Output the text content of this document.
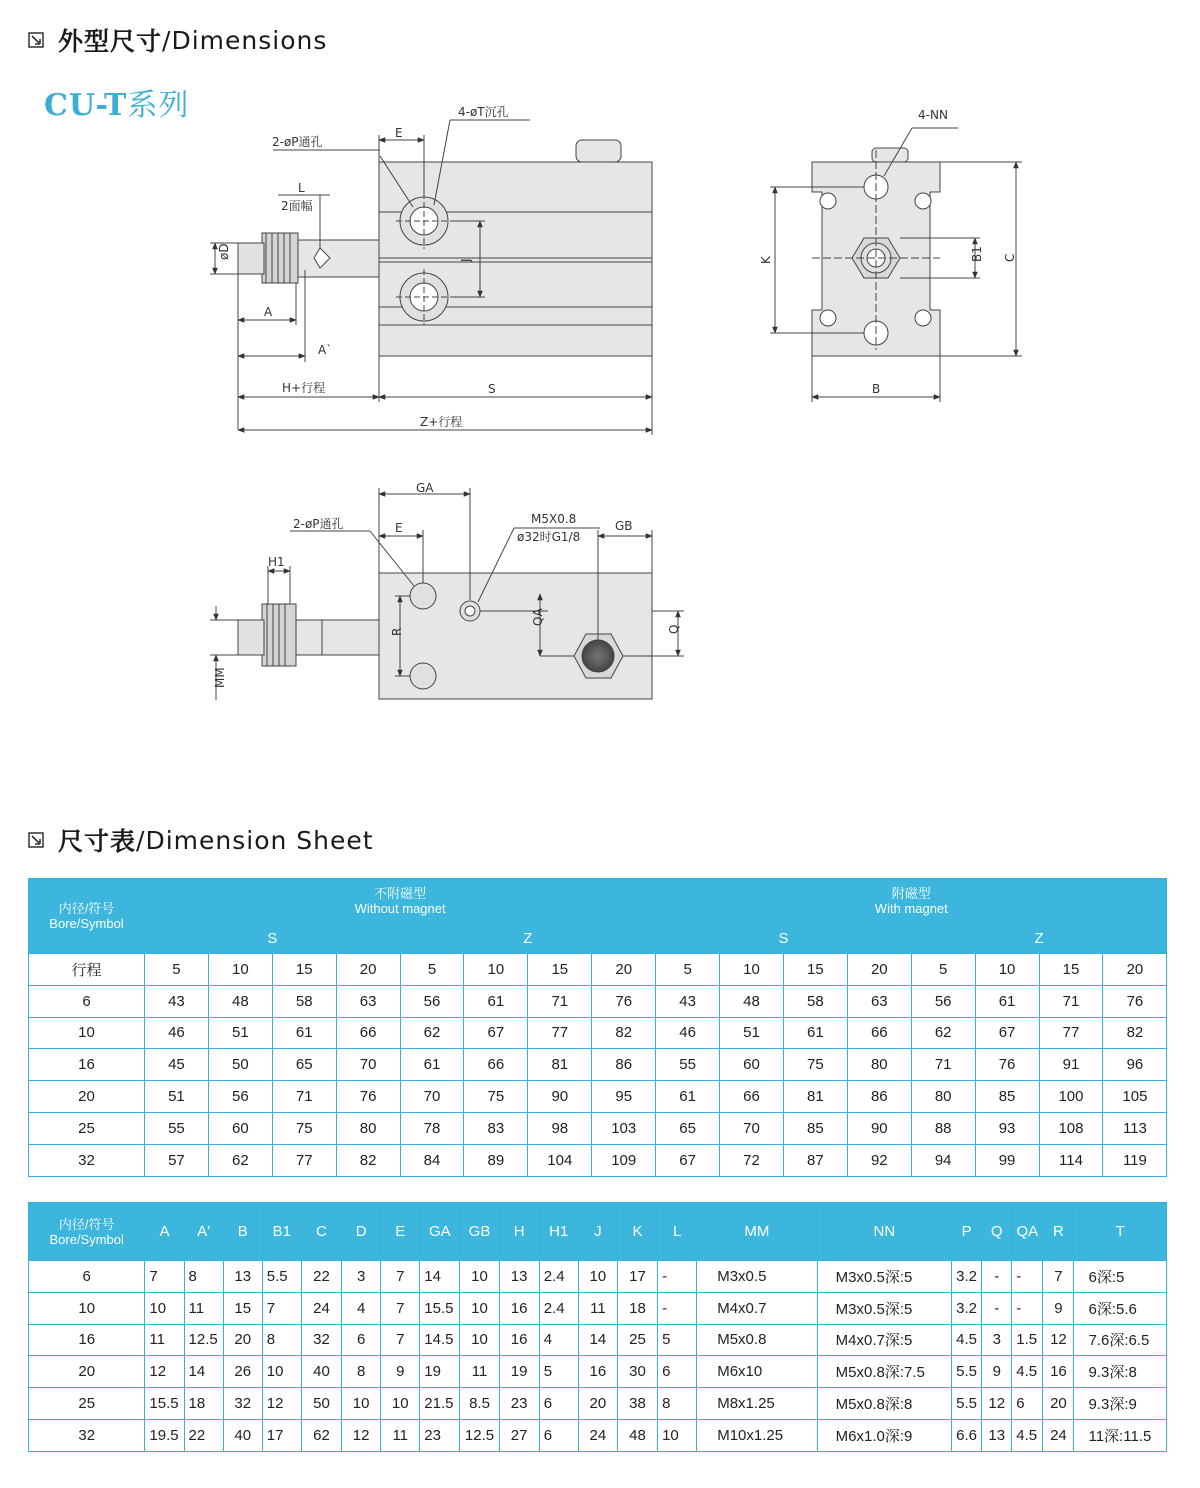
外型尺寸 / Dimensions
CU-T系列
2-øP通孔
E
4-øT沉孔
L
2面幅
øD
J
A
A`
H+行程	S
Z+行程
4-NN
K	B1 C
B
GA
2-øP通孔	E
M5X0.8
ø32时G1/8
GB
H1
R
QA
Q
MM
尺寸表 / Dimension Sheet
内径/符号
Bore/Symbol	不附磁型
Without magnet								附磁型
With magnet							

	S				Z				S				Z			
行程	5	10	15	20	5	10	15	20	5	10	15	20	5	10	15	20
6	43	48	58	63	56	61	71	76	43	48	58	63	56	61	71	76
10	46	51	61	66	62	67	77	82	46	51	61	66	62	67	77	82
16	45	50	65	70	61	66	81	86	55	60	75	80	71	76	91	96
20	51	56	71	76	70	75	90	95	61	66	81	86	80	85	100	105
25	55	60	75	80	78	83	98	103	65	70	85	90	88	93	108	113
32	57	62	77	82	84	89	104	109	67	72	87	92	94	99	114	119
内径/符号
Bore/Symbol	A	A'	B	B1	C	D	E	GA	GB	H	H1	J	K	L	MM	NN	P	Q	QA	R	T
6	7	8	13	5.5	22	3	7	14	10	13	2.4	10	17	-	M3x0.5	M3x0.5深:5	3.2	-	-	7	6深:5
10	10	11	15	7	24	4	7	15.5	10	16	2.4	11	18	-	M4x0.7	M3x0.5深:5	3.2	-	-	9	6深:5.6
16	11	12.5	20	8	32	6	7	14.5	10	16	4	14	25	5	M5x0.8	M4x0.7深:5	4.5	3	1.5	12	7.6深:6.5
20	12	14	26	10	40	8	9	19	11	19	5	16	30	6	M6x10	M5x0.8深:7.5	5.5	9	4.5	16	9.3深:8
25	15.5	18	32	12	50	10	10	21.5	8.5	23	6	20	38	8	M8x1.25	M5x0.8深:8	5.5	12	6	20	9.3深:9
32	19.5	22	40	17	62	12	11	23	12.5	27	6	24	48	10	M10x1.25	M6x1.0深:9	6.6	13	4.5	24	11深:11.5
